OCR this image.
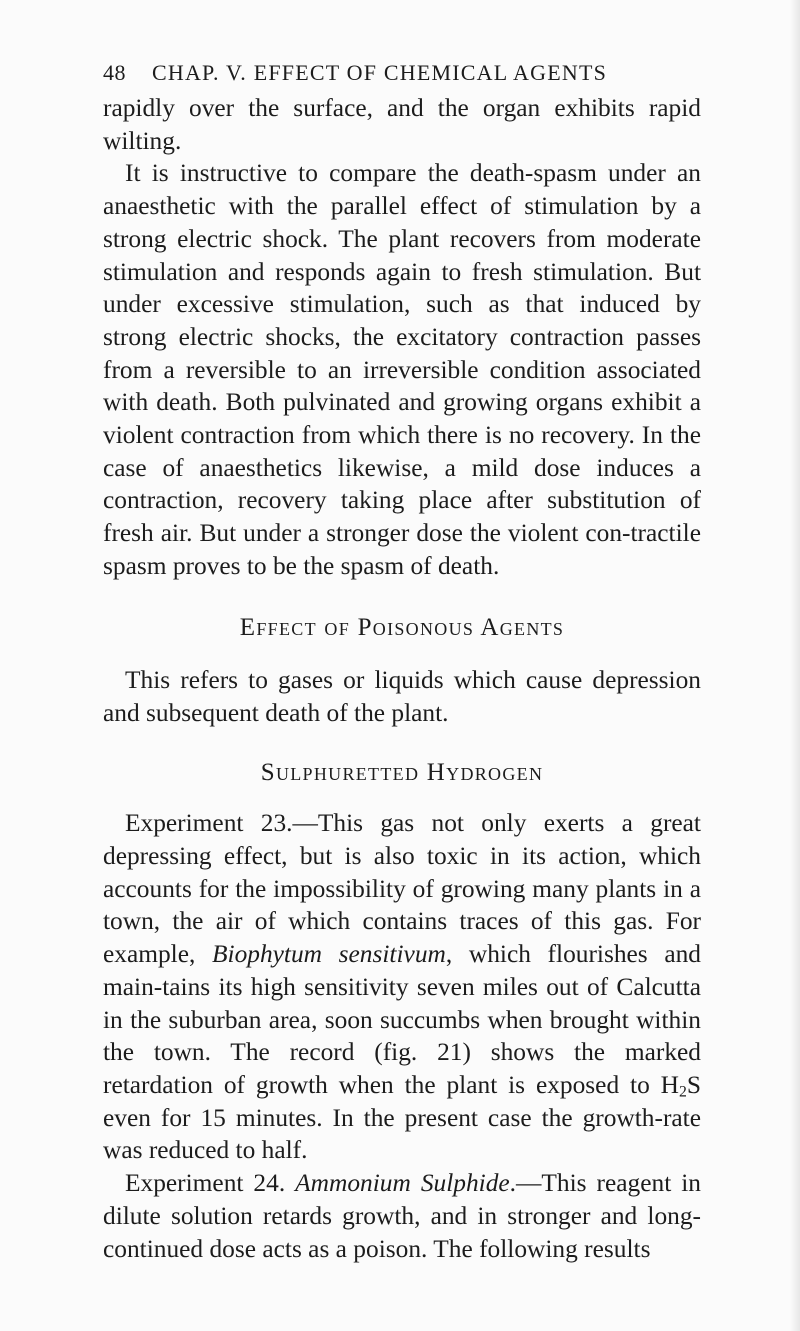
48 CHAP. V. EFFECT OF CHEMICAL AGENTS

rapidly over the surface, and the organ exhibits rapid wilting.

It is instructive to compare the death-spasm under an anaesthetic with the parallel effect of stimulation by a strong electric shock. The plant recovers from moderate stimulation and responds again to fresh stimulation. But under excessive stimulation, such as that induced by strong electric shocks, the excitatory contraction passes from a reversible to an irreversible condition associated with death. Both pulvinated and growing organs exhibit a violent contraction from which there is no recovery. In the case of anaesthetics likewise, a mild dose induces a contraction, recovery taking place after substitution of fresh air. But under a stronger dose the violent con-tractile spasm proves to be the spasm of death.

Effect of Poisonous Agents

This refers to gases or liquids which cause depression and subsequent death of the plant.

Sulphuretted Hydrogen

Experiment 23.—This gas not only exerts a great depressing effect, but is also toxic in its action, which accounts for the impossibility of growing many plants in a town, the air of which contains traces of this gas. For example, Biophytum sensitivum, which flourishes and main-tains its high sensitivity seven miles out of Calcutta in the suburban area, soon succumbs when brought within the town. The record (fig. 21) shows the marked retardation of growth when the plant is exposed to $H_2S$ even for 15 minutes. In the present case the growth-rate was reduced to half.

Experiment 24. Ammonium Sulphide.—This reagent in dilute solution retards growth, and in stronger and long-continued dose acts as a poison. The following results
